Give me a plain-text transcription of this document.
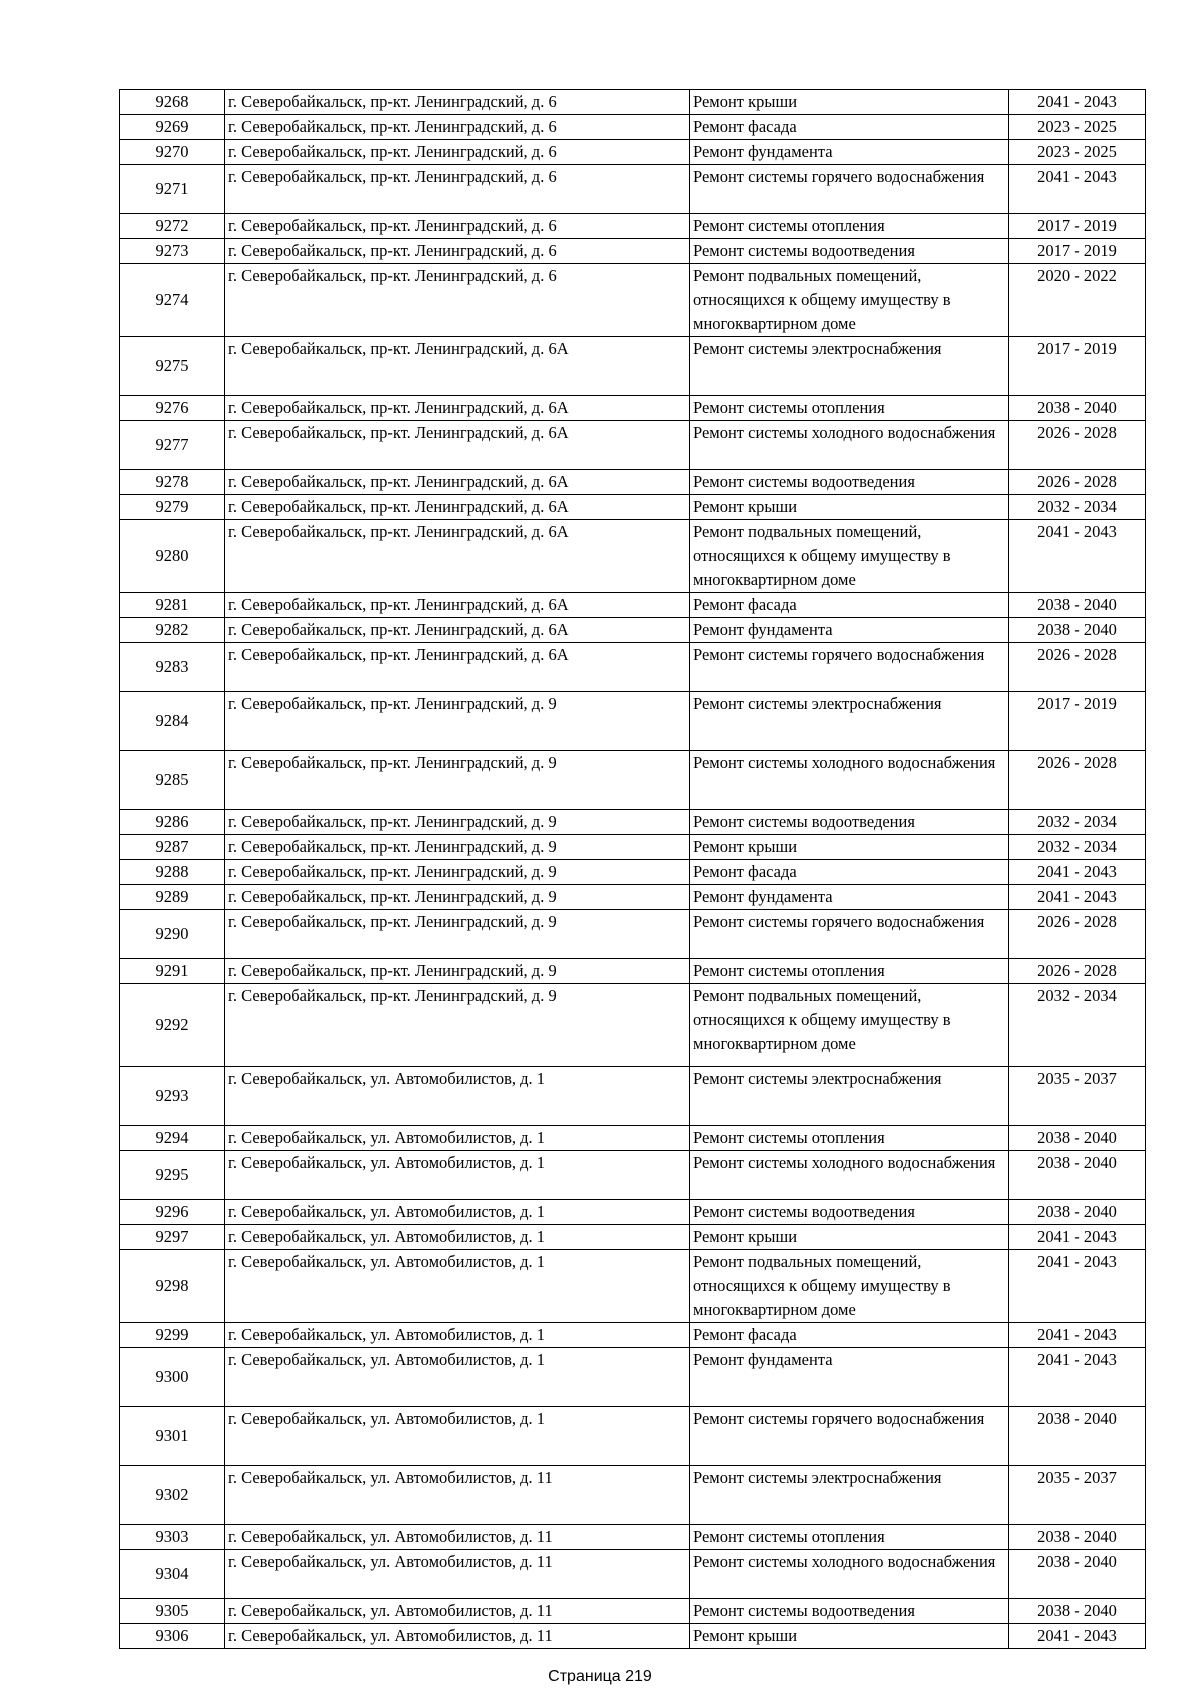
9268	г. Северобайкальск, пр-кт. Ленинградский, д. 6	Ремонт крыши	2041 - 2043
9269	г. Северобайкальск, пр-кт. Ленинградский, д. 6	Ремонт фасада	2023 - 2025
9270	г. Северобайкальск, пр-кт. Ленинградский, д. 6	Ремонт фундамента	2023 - 2025
9271	г. Северобайкальск, пр-кт. Ленинградский, д. 6	Ремонт системы горячего водоснабжения	2041 - 2043
9272	г. Северобайкальск, пр-кт. Ленинградский, д. 6	Ремонт системы отопления	2017 - 2019
9273	г. Северобайкальск, пр-кт. Ленинградский, д. 6	Ремонт системы водоотведения	2017 - 2019
9274	г. Северобайкальск, пр-кт. Ленинградский, д. 6	Ремонт подвальных помещений, относящихся к общему имуществу в многоквартирном доме	2020 - 2022
9275	г. Северобайкальск, пр-кт. Ленинградский, д. 6А	Ремонт системы электроснабжения	2017 - 2019
9276	г. Северобайкальск, пр-кт. Ленинградский, д. 6А	Ремонт системы отопления	2038 - 2040
9277	г. Северобайкальск, пр-кт. Ленинградский, д. 6А	Ремонт системы холодного водоснабжения	2026 - 2028
9278	г. Северобайкальск, пр-кт. Ленинградский, д. 6А	Ремонт системы водоотведения	2026 - 2028
9279	г. Северобайкальск, пр-кт. Ленинградский, д. 6А	Ремонт крыши	2032 - 2034
9280	г. Северобайкальск, пр-кт. Ленинградский, д. 6А	Ремонт подвальных помещений, относящихся к общему имуществу в многоквартирном доме	2041 - 2043
9281	г. Северобайкальск, пр-кт. Ленинградский, д. 6А	Ремонт фасада	2038 - 2040
9282	г. Северобайкальск, пр-кт. Ленинградский, д. 6А	Ремонт фундамента	2038 - 2040
9283	г. Северобайкальск, пр-кт. Ленинградский, д. 6А	Ремонт системы горячего водоснабжения	2026 - 2028
9284	г. Северобайкальск, пр-кт. Ленинградский, д. 9	Ремонт системы электроснабжения	2017 - 2019
9285	г. Северобайкальск, пр-кт. Ленинградский, д. 9	Ремонт системы холодного водоснабжения	2026 - 2028
9286	г. Северобайкальск, пр-кт. Ленинградский, д. 9	Ремонт системы водоотведения	2032 - 2034
9287	г. Северобайкальск, пр-кт. Ленинградский, д. 9	Ремонт крыши	2032 - 2034
9288	г. Северобайкальск, пр-кт. Ленинградский, д. 9	Ремонт фасада	2041 - 2043
9289	г. Северобайкальск, пр-кт. Ленинградский, д. 9	Ремонт фундамента	2041 - 2043
9290	г. Северобайкальск, пр-кт. Ленинградский, д. 9	Ремонт системы горячего водоснабжения	2026 - 2028
9291	г. Северобайкальск, пр-кт. Ленинградский, д. 9	Ремонт системы отопления	2026 - 2028
9292	г. Северобайкальск, пр-кт. Ленинградский, д. 9	Ремонт подвальных помещений, относящихся к общему имуществу в многоквартирном доме	2032 - 2034
9293	г. Северобайкальск, ул. Автомобилистов, д. 1	Ремонт системы электроснабжения	2035 - 2037
9294	г. Северобайкальск, ул. Автомобилистов, д. 1	Ремонт системы отопления	2038 - 2040
9295	г. Северобайкальск, ул. Автомобилистов, д. 1	Ремонт системы холодного водоснабжения	2038 - 2040
9296	г. Северобайкальск, ул. Автомобилистов, д. 1	Ремонт системы водоотведения	2038 - 2040
9297	г. Северобайкальск, ул. Автомобилистов, д. 1	Ремонт крыши	2041 - 2043
9298	г. Северобайкальск, ул. Автомобилистов, д. 1	Ремонт подвальных помещений, относящихся к общему имуществу в многоквартирном доме	2041 - 2043
9299	г. Северобайкальск, ул. Автомобилистов, д. 1	Ремонт фасада	2041 - 2043
9300	г. Северобайкальск, ул. Автомобилистов, д. 1	Ремонт фундамента	2041 - 2043
9301	г. Северобайкальск, ул. Автомобилистов, д. 1	Ремонт системы горячего водоснабжения	2038 - 2040
9302	г. Северобайкальск, ул. Автомобилистов, д. 11	Ремонт системы электроснабжения	2035 - 2037
9303	г. Северобайкальск, ул. Автомобилистов, д. 11	Ремонт системы отопления	2038 - 2040
9304	г. Северобайкальск, ул. Автомобилистов, д. 11	Ремонт системы холодного водоснабжения	2038 - 2040
9305	г. Северобайкальск, ул. Автомобилистов, д. 11	Ремонт системы водоотведения	2038 - 2040
9306	г. Северобайкальск, ул. Автомобилистов, д. 11	Ремонт крыши	2041 - 2043
Страница 219
